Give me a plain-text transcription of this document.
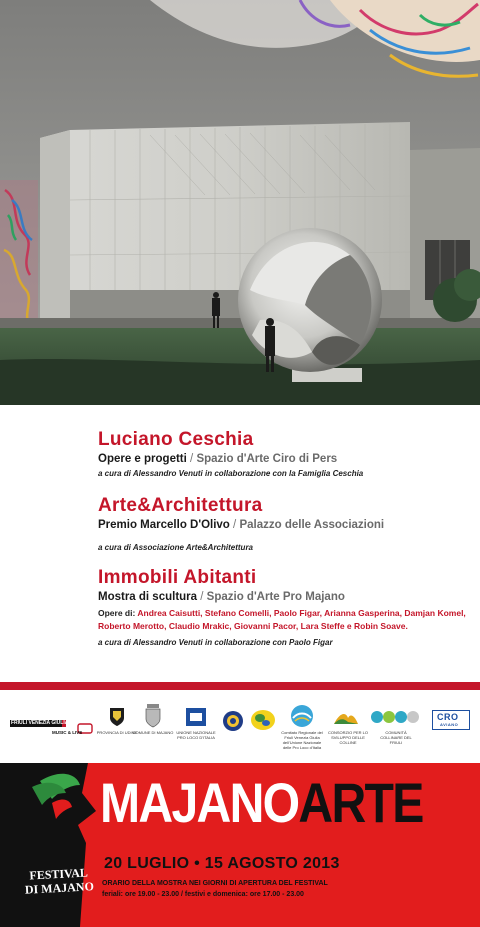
Luciano Ceschia
Opere e progetti / Spazio d'Arte Ciro di Pers
a cura di Alessandro Venuti in collaborazione con la Famiglia Ceschia
Arte&Architettura
Premio Marcello D'Olivo / Palazzo delle Associazioni
a cura di Associazione Arte&Architettura
Immobili Abitanti
Mostra di scultura / Spazio d'Arte Pro Majano
Opere di: Andrea Caisutti, Stefano Comelli, Paolo Figar, Arianna Gasperina, Damjan Komel, Roberto Merotto, Claudio Mrakic, Giovanni Pacor, Lara Steffe e Robin Soave.
a cura di Alessandro Venuti in collaborazione con Paolo Figar
FRIULI VENEZIA GIULIA
MUSIC & LIVE	PROVINCIA DI UDINE
COMUNE DI MAJANO UNIONE NAZIONALE PRO LOCO D'ITALIA
Comitato Regionale del Friuli Venezia Giulia dell'Unione Nazionale delle Pro Loco d'Italia
CONSORZIO PER LO SVILUPPO DELLE COLLINE
COMUNITÀ COLLINARE DEL FRIULI
CRO
AVIANO
FESTIVAL
DI MAJANO
MAJANOARTE
20 LUGLIO • 15 AGOSTO 2013
ORARIO DELLA MOSTRA NEI GIORNI DI APERTURA DEL FESTIVAL
feriali: ore 19.00 - 23.00 / festivi e domenica: ore 17.00 - 23.00
